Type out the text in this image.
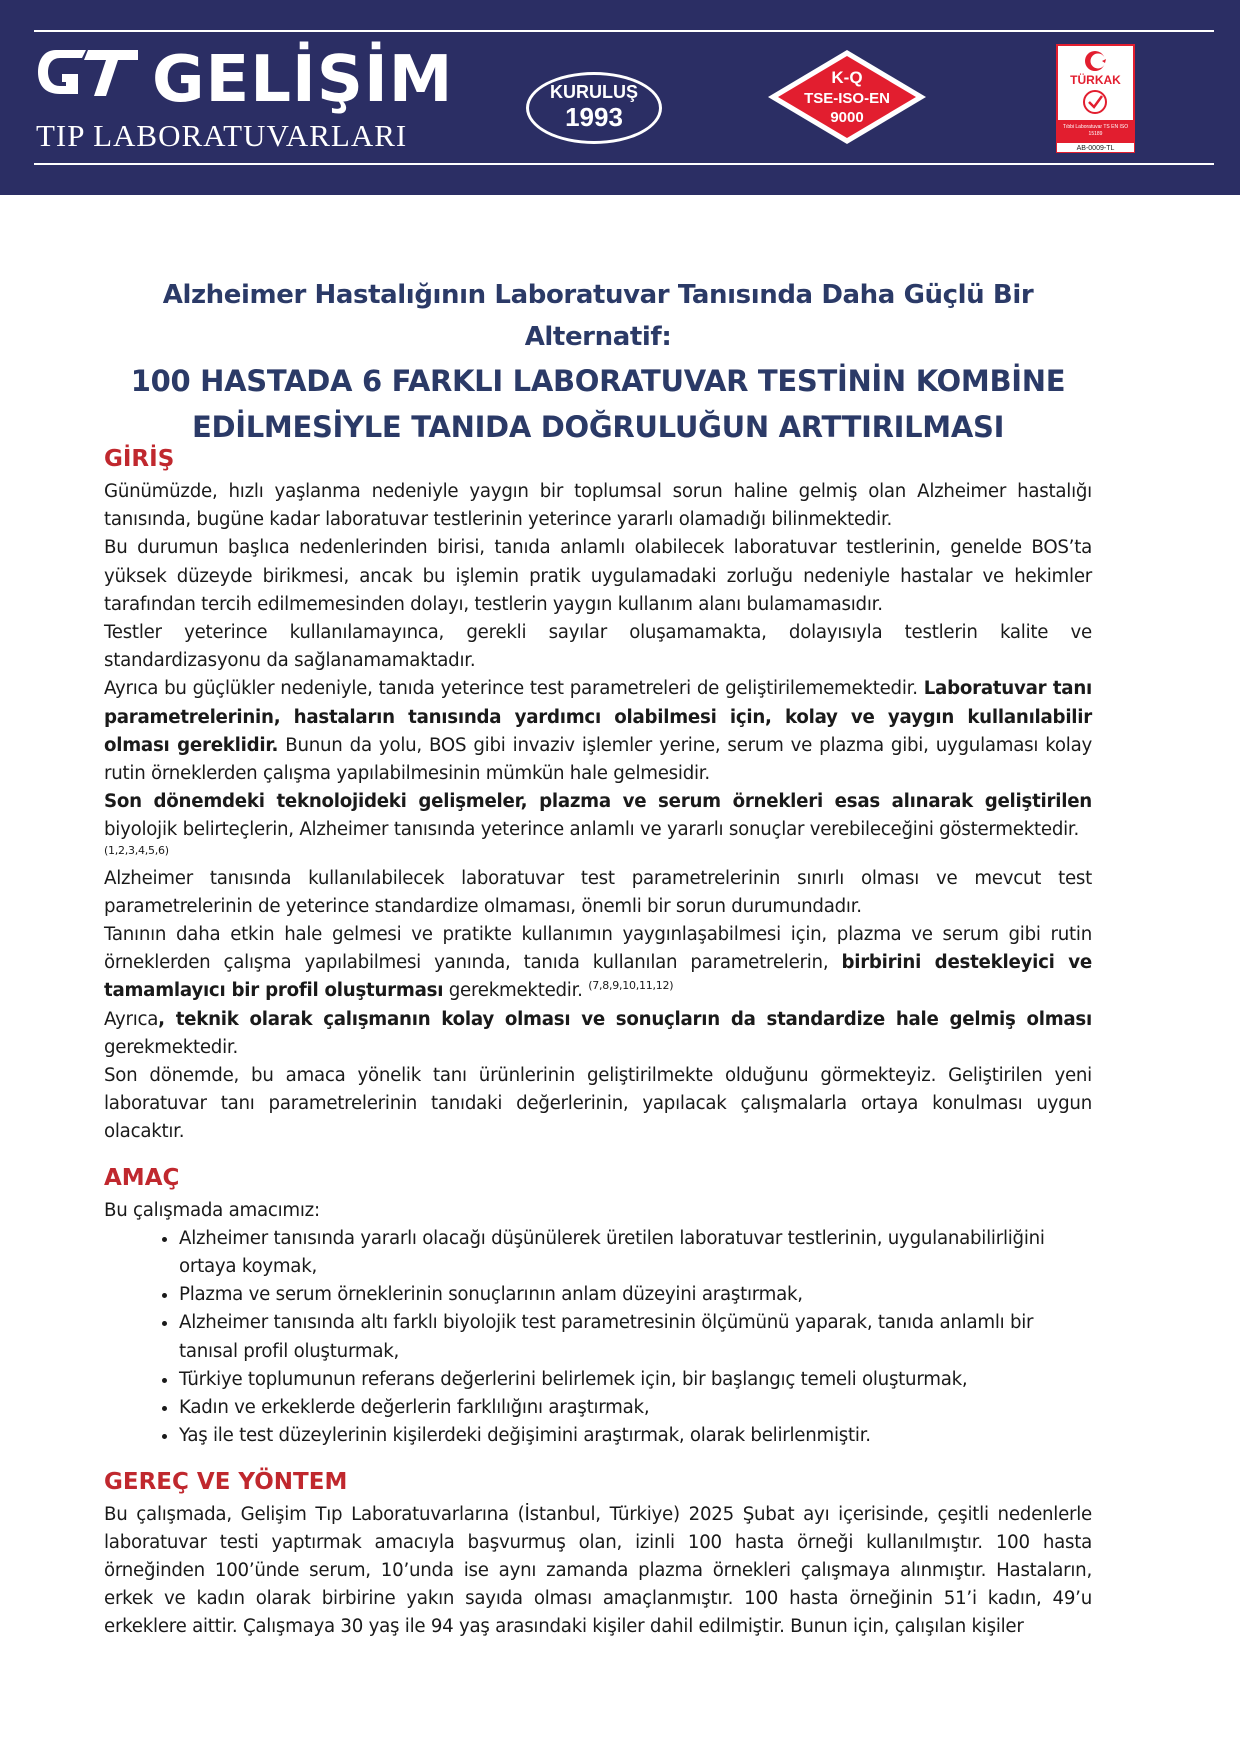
GELİŞİM
TIP LABORATUVARLARI
KURULUŞ
1993
K-Q
TSE-ISO-EN
9000
TÜRKAK
Tıbbi Laboratuvar TS EN ISO 15189
AB-0009-TL
Alzheimer Hastalığının Laboratuvar Tanısında Daha Güçlü Bir Alternatif:
100 HASTADA 6 FARKLI LABORATUVAR TESTİNİN KOMBİNE
EDİLMESİYLE TANIDA DOĞRULUĞUN ARTTIRILMASI
GİRİŞ

Günümüzde, hızlı yaşlanma nedeniyle yaygın bir toplumsal sorun haline gelmiş olan Alzheimer hastalığı tanısında, bugüne kadar laboratuvar testlerinin yeterince yararlı olamadığı bilinmektedir.

Bu durumun başlıca nedenlerinden birisi, tanıda anlamlı olabilecek laboratuvar testlerinin, genelde BOS’ta yüksek düzeyde birikmesi, ancak bu işlemin pratik uygulamadaki zorluğu nedeniyle hastalar ve hekimler tarafından tercih edilmemesinden dolayı, testlerin yaygın kullanım alanı bulamamasıdır.

Testler yeterince kullanılamayınca, gerekli sayılar oluşamamakta, dolayısıyla testlerin kalite ve standardizasyonu da sağlanamamaktadır.

Ayrıca bu güçlükler nedeniyle, tanıda yeterince test parametreleri de geliştirilememektedir. Laboratuvar tanı parametrelerinin, hastaların tanısında yardımcı olabilmesi için, kolay ve yaygın kullanılabilir olması gereklidir. Bunun da yolu, BOS gibi invaziv işlemler yerine, serum ve plazma gibi, uygulaması kolay rutin örneklerden çalışma yapılabilmesinin mümkün hale gelmesidir.

Son dönemdeki teknolojideki gelişmeler, plazma ve serum örnekleri esas alınarak geliştirilen biyolojik belirteçlerin, Alzheimer tanısında yeterince anlamlı ve yararlı sonuçlar verebileceğini göstermektedir.
(1,2,3,4,5,6)

Alzheimer tanısında kullanılabilecek laboratuvar test parametrelerinin sınırlı olması ve mevcut test parametrelerinin de yeterince standardize olmaması, önemli bir sorun durumundadır.

Tanının daha etkin hale gelmesi ve pratikte kullanımın yaygınlaşabilmesi için, plazma ve serum gibi rutin örneklerden çalışma yapılabilmesi yanında, tanıda kullanılan parametrelerin, birbirini destekleyici ve tamamlayıcı bir profil oluşturması gerekmektedir. $^{(7,8,9,10,11,12)}$

Ayrıca, teknik olarak çalışmanın kolay olması ve sonuçların da standardize hale gelmiş olması gerekmektedir.

Son dönemde, bu amaca yönelik tanı ürünlerinin geliştirilmekte olduğunu görmekteyiz. Geliştirilen yeni laboratuvar tanı parametrelerinin tanıdaki değerlerinin, yapılacak çalışmalarla ortaya konulması uygun olacaktır.

AMAÇ

Bu çalışmada amacımız:

• Alzheimer tanısında yararlı olacağı düşünülerek üretilen laboratuvar testlerinin, uygulanabilirliğini ortaya koymak,
• Plazma ve serum örneklerinin sonuçlarının anlam düzeyini araştırmak,
• Alzheimer tanısında altı farklı biyolojik test parametresinin ölçümünü yaparak, tanıda anlamlı bir tanısal profil oluşturmak,
• Türkiye toplumunun referans değerlerini belirlemek için, bir başlangıç temeli oluşturmak,
• Kadın ve erkeklerde değerlerin farklılığını araştırmak,
• Yaş ile test düzeylerinin kişilerdeki değişimini araştırmak, olarak belirlenmiştir.
GEREÇ VE YÖNTEM

Bu çalışmada, Gelişim Tıp Laboratuvarlarına (İstanbul, Türkiye) 2025 Şubat ayı içerisinde, çeşitli nedenlerle laboratuvar testi yaptırmak amacıyla başvurmuş olan, izinli 100 hasta örneği kullanılmıştır. 100 hasta örneğinden 100’ünde serum, 10’unda ise aynı zamanda plazma örnekleri çalışmaya alınmıştır. Hastaların, erkek ve kadın olarak birbirine yakın sayıda olması amaçlanmıştır. 100 hasta örneğinin 51’i kadın, 49’u erkeklere aittir. Çalışmaya 30 yaş ile 94 yaş arasındaki kişiler dahil edilmiştir. Bunun için, çalışılan kişiler
